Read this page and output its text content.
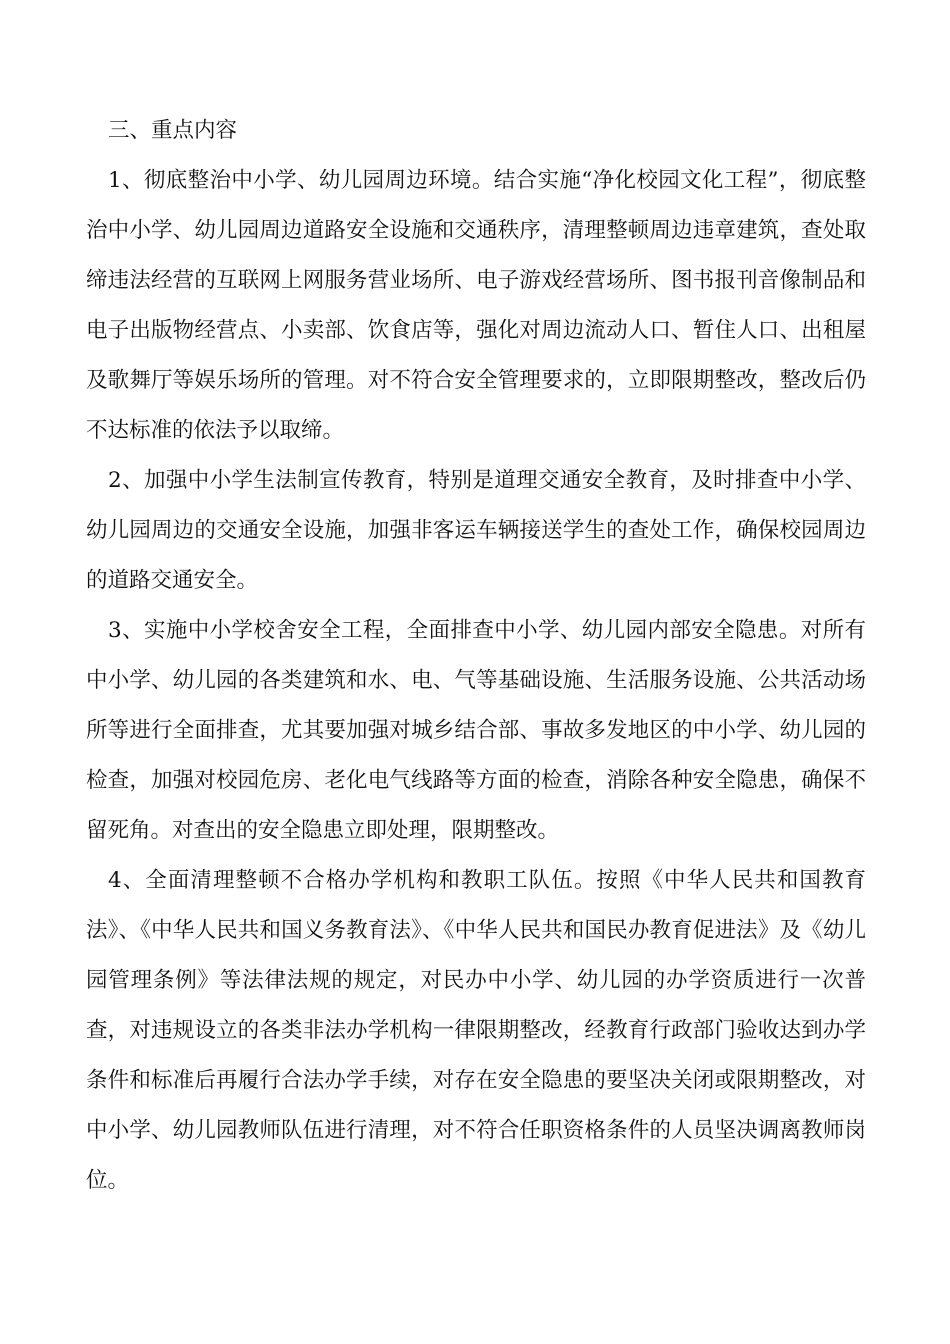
三、重点内容

1、彻底整治中小学、幼儿园周边环境。结合实施“净化校园文化工程”，彻底整治中小学、幼儿园周边道路安全设施和交通秩序，清理整顿周边违章建筑，查处取缔违法经营的互联网上网服务营业场所、电子游戏经营场所、图书报刊音像制品和电子出版物经营点、小卖部、饮食店等，强化对周边流动人口、暂住人口、出租屋及歌舞厅等娱乐场所的管理。对不符合安全管理要求的，立即限期整改，整改后仍不达标准的依法予以取缔。

2、加强中小学生法制宣传教育，特别是道理交通安全教育，及时排查中小学、幼儿园周边的交通安全设施，加强非客运车辆接送学生的查处工作，确保校园周边的道路交通安全。

3、实施中小学校舍安全工程，全面排查中小学、幼儿园内部安全隐患。对所有中小学、幼儿园的各类建筑和水、电、气等基础设施、生活服务设施、公共活动场所等进行全面排查，尤其要加强对城乡结合部、事故多发地区的中小学、幼儿园的检查，加强对校园危房、老化电气线路等方面的检查，消除各种安全隐患，确保不留死角。对查出的安全隐患立即处理，限期整改。

4、全面清理整顿不合格办学机构和教职工队伍。按照《中华人民共和国教育法》、《中华人民共和国义务教育法》、《中华人民共和国民办教育促进法》及《幼儿园管理条例》等法律法规的规定，对民办中小学、幼儿园的办学资质进行一次普查，对违规设立的各类非法办学机构一律限期整改，经教育行政部门验收达到办学条件和标准后再履行合法办学手续，对存在安全隐患的要坚决关闭或限期整改，对中小学、幼儿园教师队伍进行清理，对不符合任职资格条件的人员坚决调离教师岗位。
